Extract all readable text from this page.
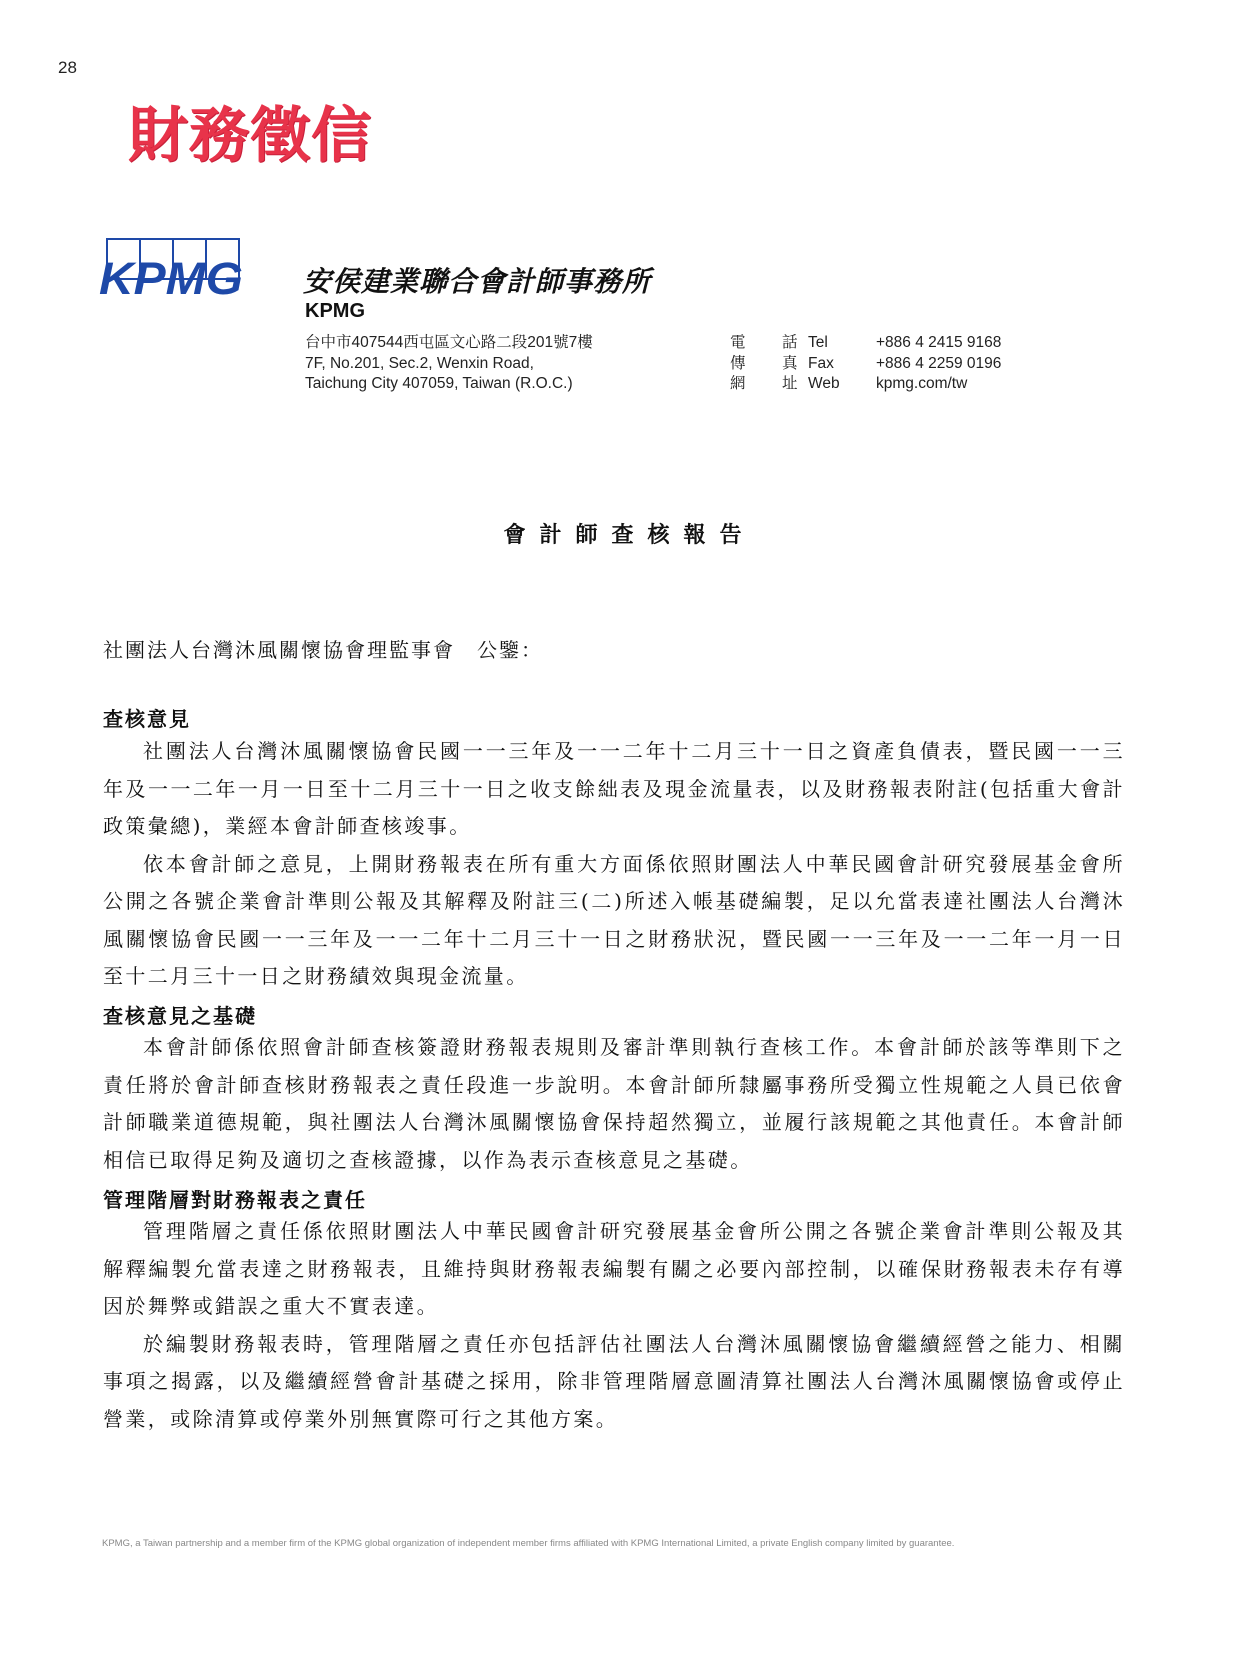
28
財務徵信
KPMG 安侯建業聯合會計師事務所
KPMG
台中市407544西屯區文心路二段201號7樓
7F, No.201, Sec.2, Wenxin Road,
Taichung City 407059, Taiwan (R.O.C.)
電	話 Tel	+886 4 2415 9168
傳	真 Fax	+886 4 2259 0196
網	址 Web	kpmg.com/tw
會計師查核報告
社團法人台灣沐風關懷協會理監事會　公鑒：
查核意見

社團法人台灣沐風關懷協會民國一一三年及一一二年十二月三十一日之資產負債表，暨民國一一三年及一一二年一月一日至十二月三十一日之收支餘絀表及現金流量表，以及財務報表附註(包括重大會計政策彙總)，業經本會計師查核竣事。

依本會計師之意見，上開財務報表在所有重大方面係依照財團法人中華民國會計研究發展基金會所公開之各號企業會計準則公報及其解釋及附註三(二)所述入帳基礎編製，足以允當表達社團法人台灣沐風關懷協會民國一一三年及一一二年十二月三十一日之財務狀況，暨民國一一三年及一一二年一月一日至十二月三十一日之財務績效與現金流量。

查核意見之基礎

本會計師係依照會計師查核簽證財務報表規則及審計準則執行查核工作。本會計師於該等準則下之責任將於會計師查核財務報表之責任段進一步說明。本會計師所隸屬事務所受獨立性規範之人員已依會計師職業道德規範，與社團法人台灣沐風關懷協會保持超然獨立，並履行該規範之其他責任。本會計師相信已取得足夠及適切之查核證據，以作為表示查核意見之基礎。

管理階層對財務報表之責任

管理階層之責任係依照財團法人中華民國會計研究發展基金會所公開之各號企業會計準則公報及其解釋編製允當表達之財務報表，且維持與財務報表編製有關之必要內部控制，以確保財務報表未存有導因於舞弊或錯誤之重大不實表達。

於編製財務報表時，管理階層之責任亦包括評估社團法人台灣沐風關懷協會繼續經營之能力、相關事項之揭露，以及繼續經營會計基礎之採用，除非管理階層意圖清算社團法人台灣沐風關懷協會或停止營業，或除清算或停業外別無實際可行之其他方案。

KPMG, a Taiwan partnership and a member firm of the KPMG global organization of independent member firms affiliated with KPMG International Limited, a private English company limited by guarantee.
